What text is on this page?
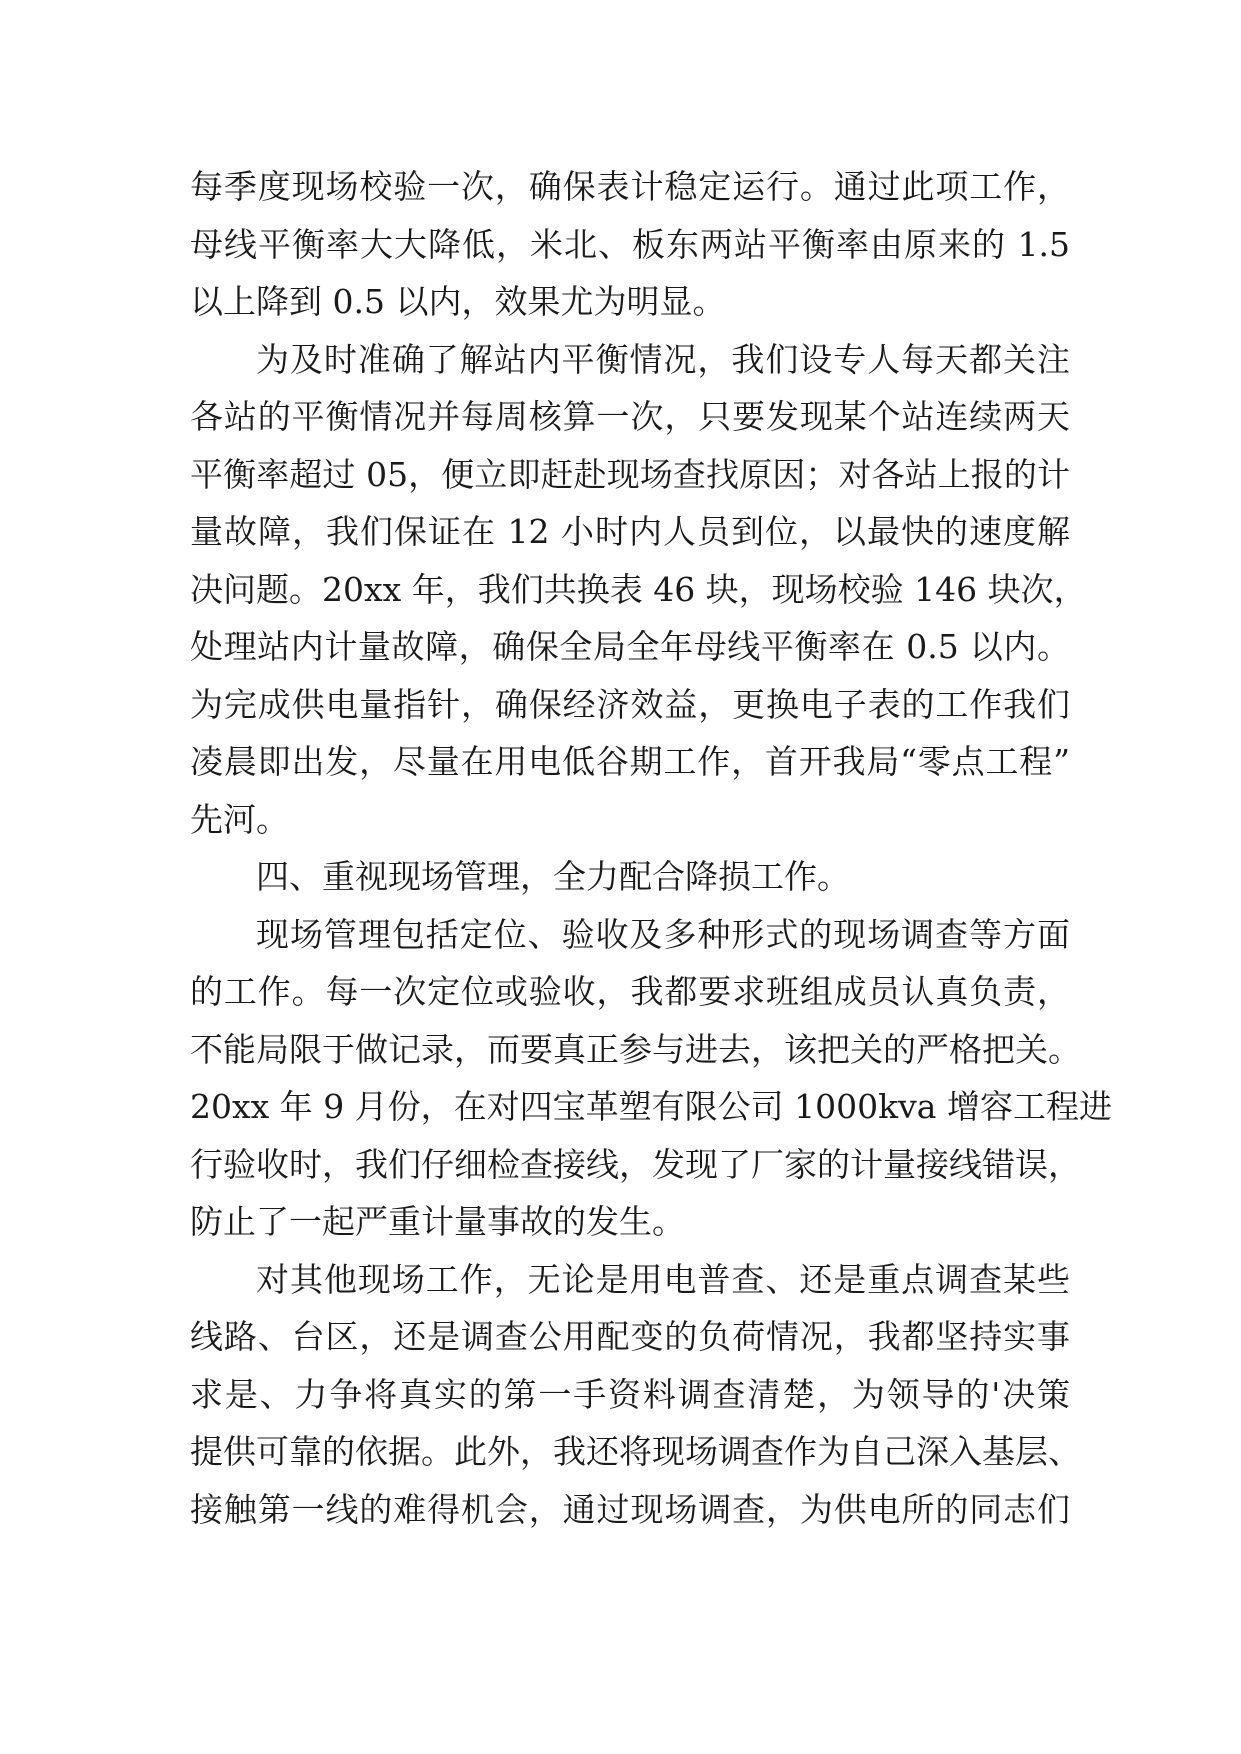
每季度现场校验一次，确保表计稳定运行。通过此项工作，
母线平衡率大大降低，米北、板东两站平衡率由原来的 1.5
以上降到 0.5 以内，效果尤为明显。
为及时准确了解站内平衡情况，我们设专人每天都关注
各站的平衡情况并每周核算一次，只要发现某个站连续两天
平衡率超过 05，便立即赶赴现场查找原因；对各站上报的计
量故障，我们保证在 12 小时内人员到位，以最快的速度解
决问题。20xx 年，我们共换表 46 块，现场校验 146 块次，
处理站内计量故障，确保全局全年母线平衡率在 0.5 以内。
为完成供电量指针，确保经济效益，更换电子表的工作我们
凌晨即出发，尽量在用电低谷期工作，首开我局“零点工程”
先河。
四、重视现场管理，全力配合降损工作。
现场管理包括定位、验收及多种形式的现场调查等方面
的工作。每一次定位或验收，我都要求班组成员认真负责，
不能局限于做记录，而要真正参与进去，该把关的严格把关。
20xx 年 9 月份，在对四宝革塑有限公司 1000kva 增容工程进
行验收时，我们仔细检查接线，发现了厂家的计量接线错误，
防止了一起严重计量事故的发生。
对其他现场工作，无论是用电普查、还是重点调查某些
线路、台区，还是调查公用配变的负荷情况，我都坚持实事
求是、力争将真实的第一手资料调查清楚，为领导的'决策
提供可靠的依据。此外，我还将现场调查作为自己深入基层、
接触第一线的难得机会，通过现场调查，为供电所的同志们
